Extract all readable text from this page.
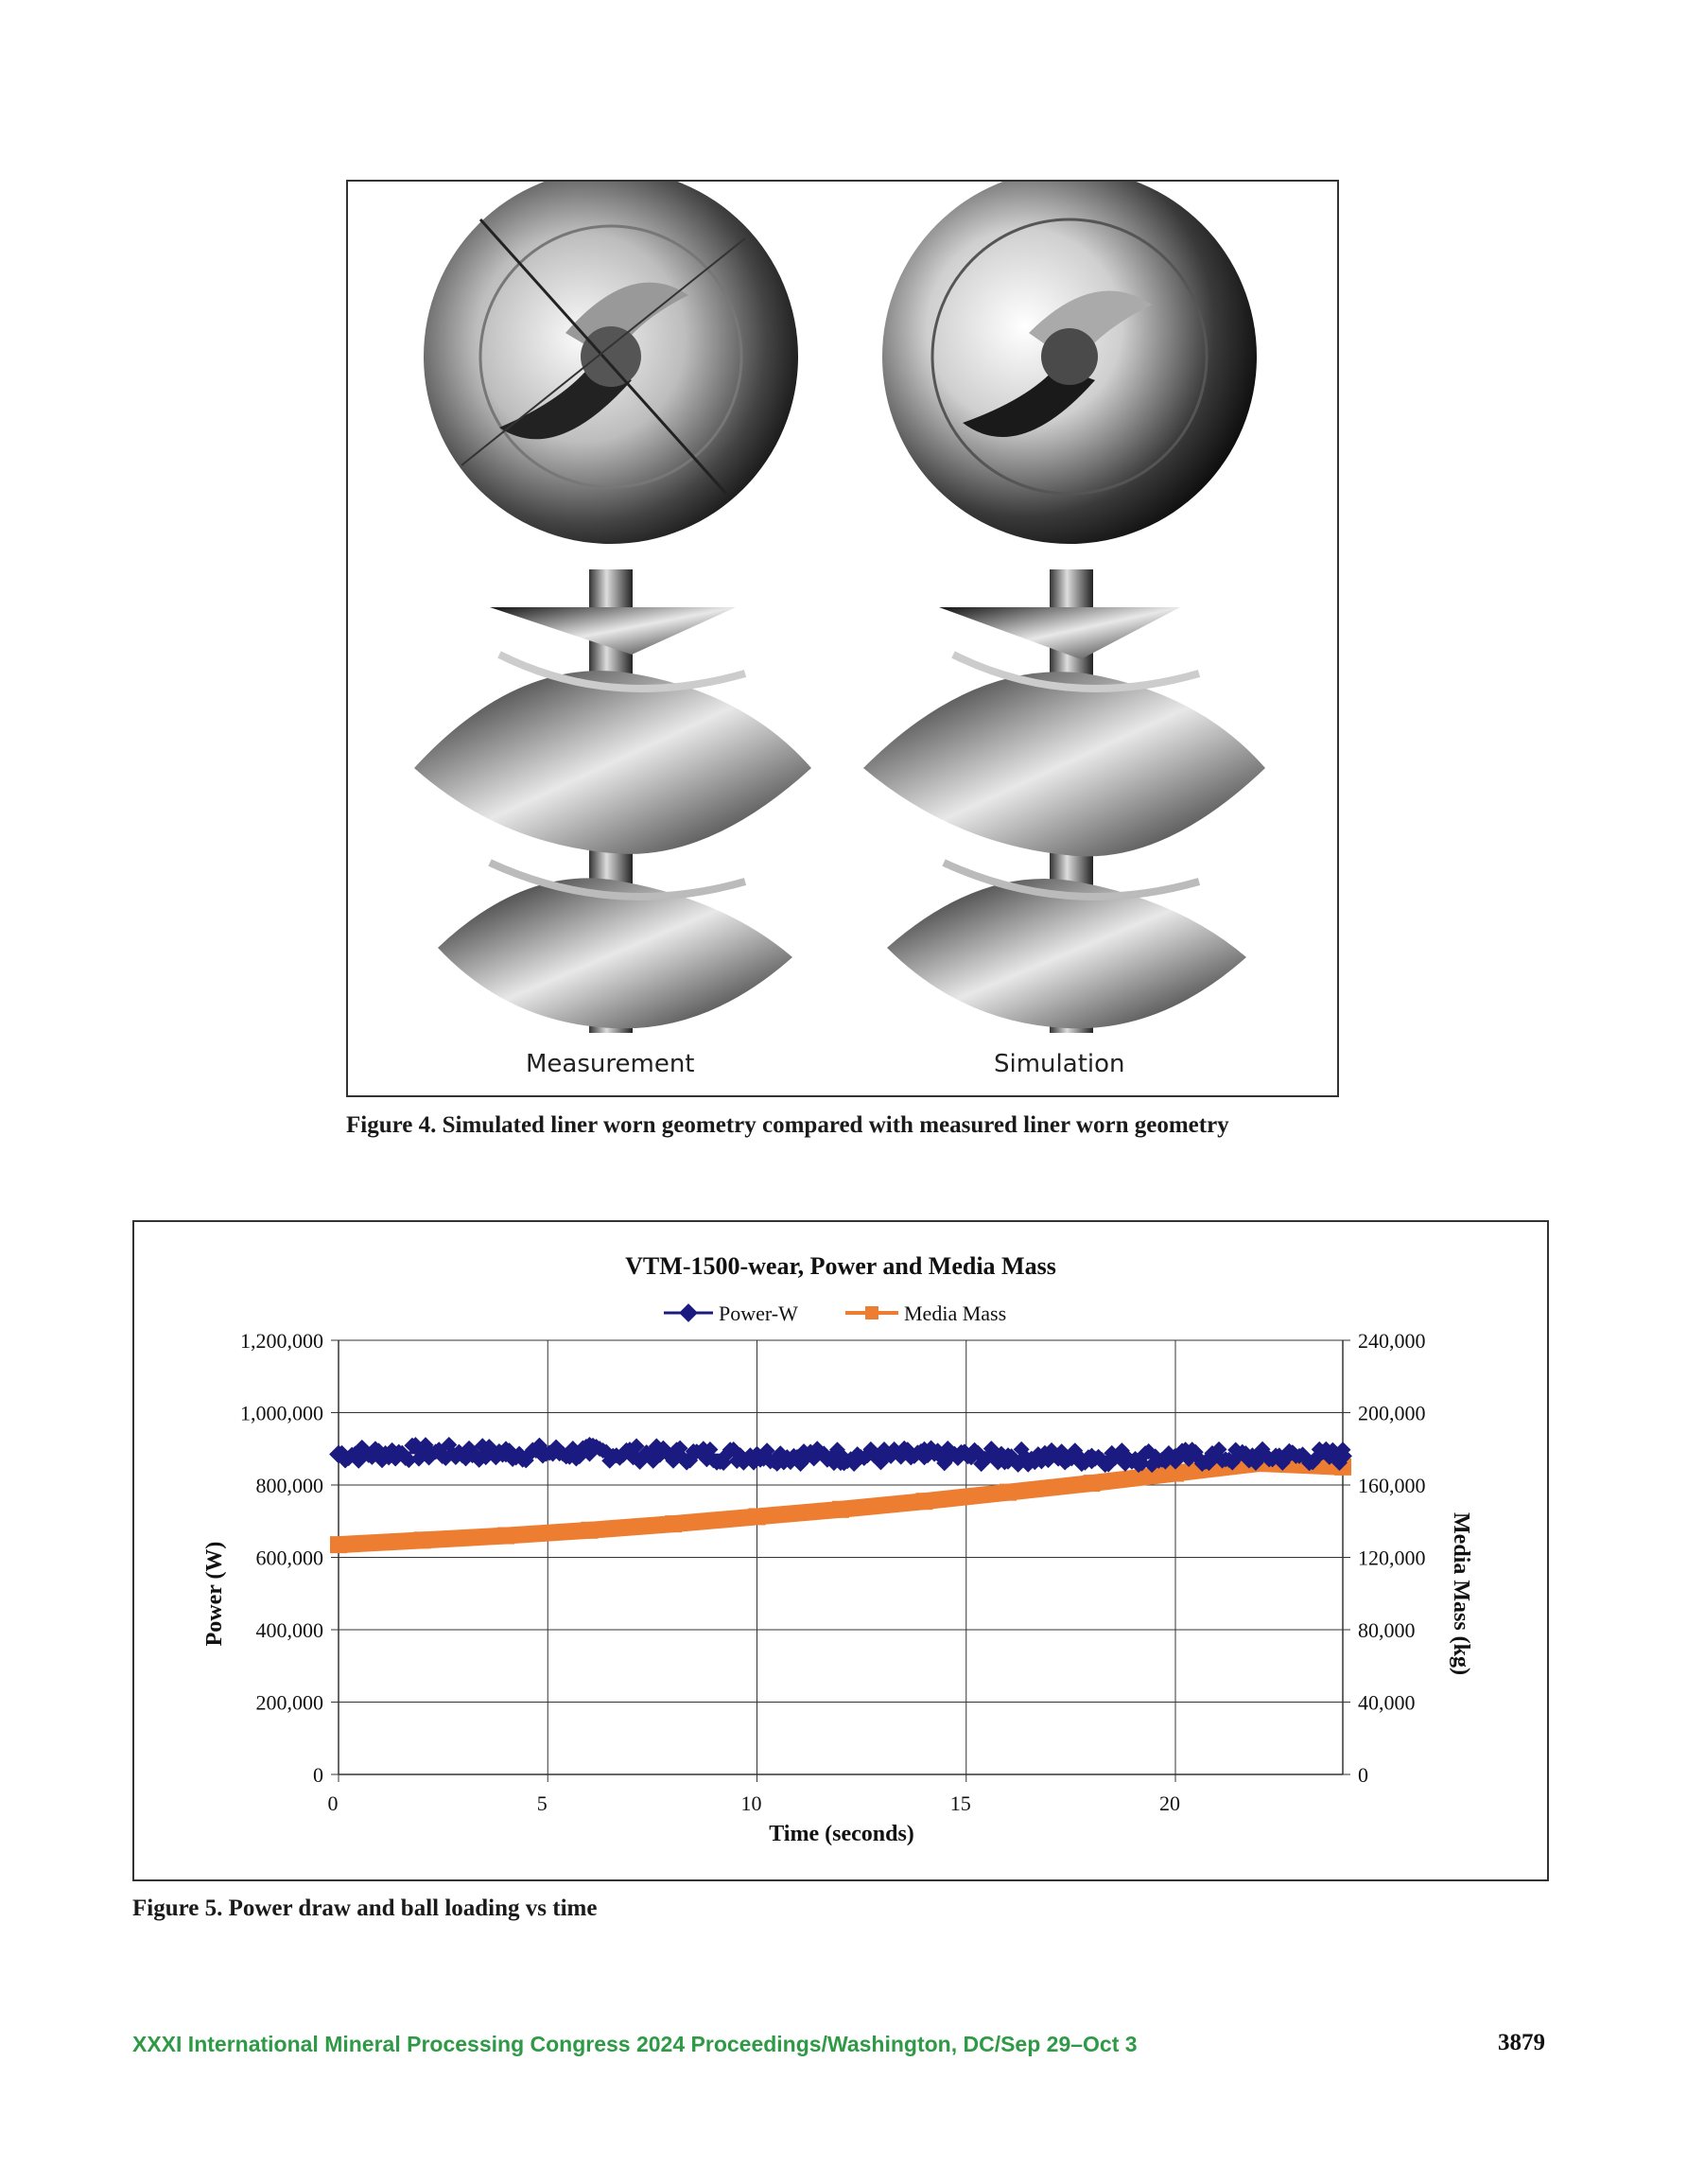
Measurement	Simulation
Figure 4. Simulated liner worn geometry compared with measured liner worn geometry
VTM-1500-wear, Power and Media Mass
Power-W	Media Mass
0
200,000
400,000
600,000
800,000
1,000,000
1,200,000
0
40,000
80,000
120,000
160,000
200,000
240,000
0	5	10	15	20
Time (seconds)
Power (W)	Media Mass (kg)
Figure 5. Power draw and ball loading vs time
XXXI International Mineral Processing Congress 2024 Proceedings/Washington, DC/Sep 29–Oct 3	3879
